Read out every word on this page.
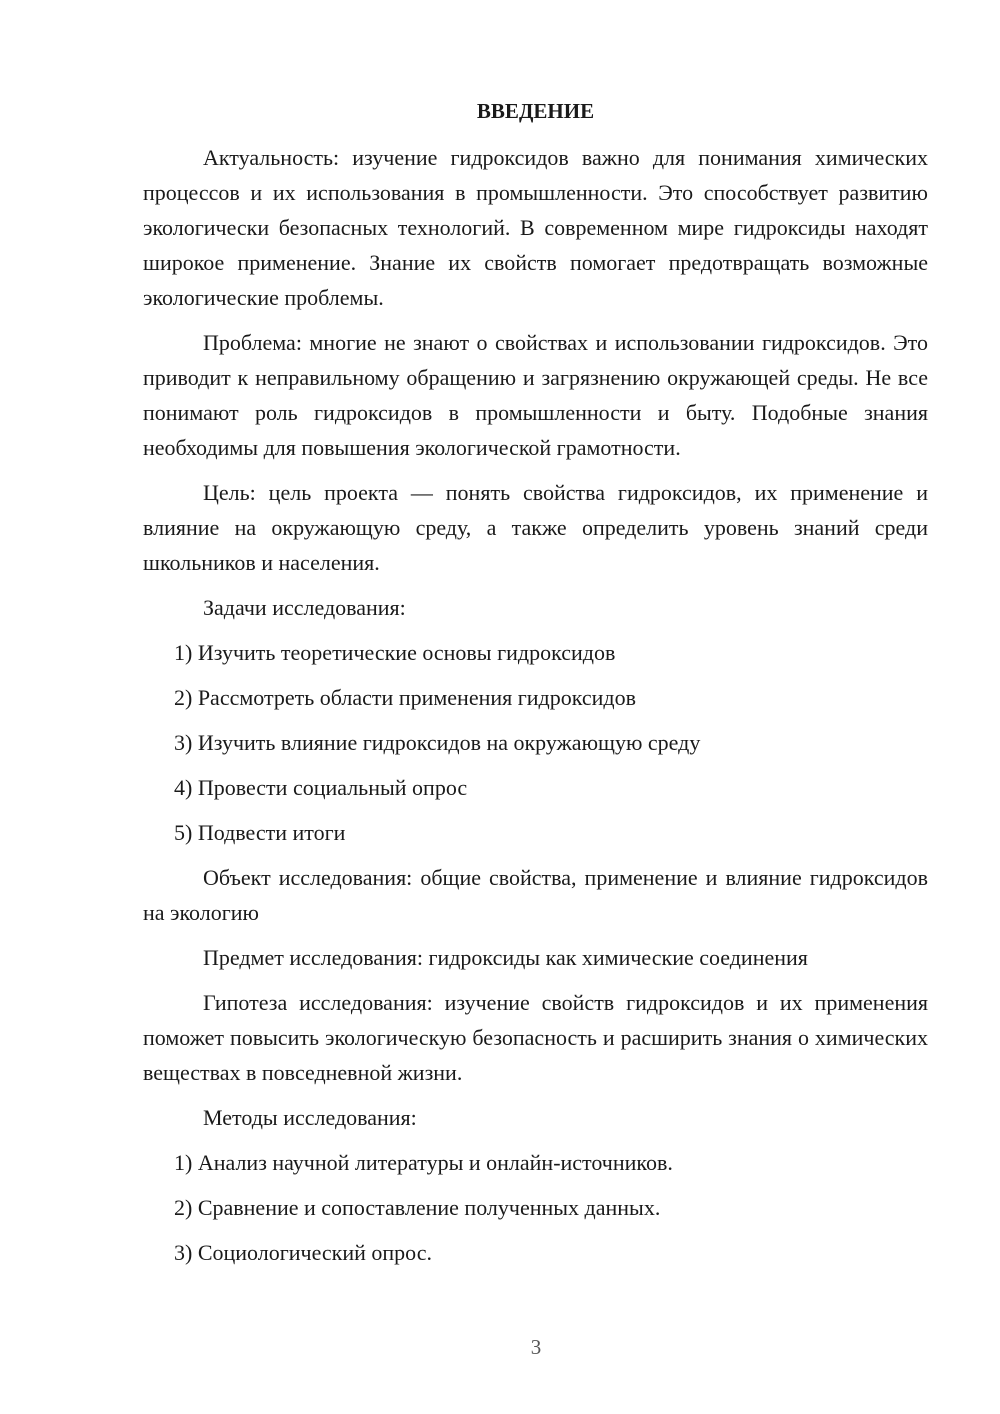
ВВЕДЕНИЕ

Актуальность: изучение гидроксидов важно для понимания химических процессов и их использования в промышленности. Это способствует развитию экологически безопасных технологий. В современном мире гидроксиды находят широкое применение. Знание их свойств помогает предотвращать возможные экологические проблемы.

Проблема: многие не знают о свойствах и использовании гидроксидов. Это приводит к неправильному обращению и загрязнению окружающей среды. Не все понимают роль гидроксидов в промышленности и быту. Подобные знания необходимы для повышения экологической грамотности.

Цель: цель проекта — понять свойства гидроксидов, их применение и влияние на окружающую среду, а также определить уровень знаний среди школьников и населения.

Задачи исследования:

1) Изучить теоретические основы гидроксидов
2) Рассмотреть области применения гидроксидов
3) Изучить влияние гидроксидов на окружающую среду
4) Провести социальный опрос
5) Подвести итоги

Объект исследования: общие свойства, применение и влияние гидроксидов на экологию

Предмет исследования: гидроксиды как химические соединения

Гипотеза исследования: изучение свойств гидроксидов и их применения поможет повысить экологическую безопасность и расширить знания о химических веществах в повседневной жизни.

Методы исследования:

1) Анализ научной литературы и онлайн-источников.
2) Сравнение и сопоставление полученных данных.
3) Социологический опрос.
3
